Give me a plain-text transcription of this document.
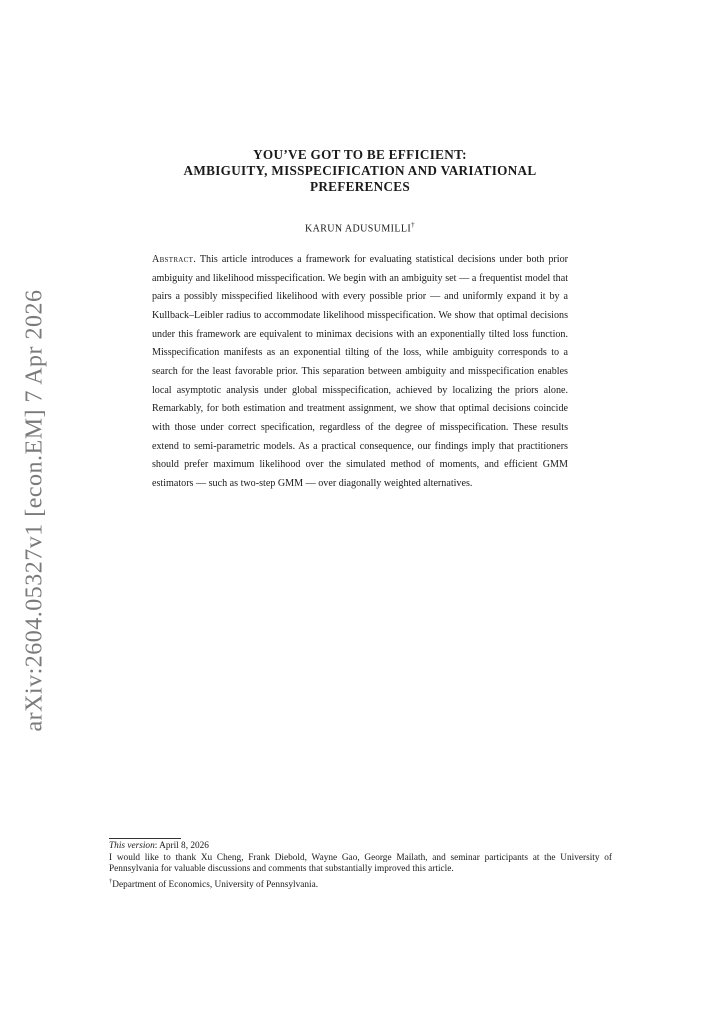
arXiv:2604.05327v1 [econ.EM] 7 Apr 2026
YOU’VE GOT TO BE EFFICIENT:
AMBIGUITY, MISSPECIFICATION AND VARIATIONAL
PREFERENCES
KARUN ADUSUMILLI†
Abstract. This article introduces a framework for evaluating statistical decisions under both prior ambiguity and likelihood misspecification. We begin with an ambiguity set — a frequentist model that pairs a possibly misspecified likelihood with every possible prior — and uniformly expand it by a Kullback–Leibler radius to accommodate likelihood misspecification. We show that optimal decisions under this framework are equivalent to minimax decisions with an exponentially tilted loss function. Misspecification manifests as an exponential tilting of the loss, while ambiguity corresponds to a search for the least favorable prior. This separation between ambiguity and misspecification enables local asymptotic analysis under global misspecification, achieved by localizing the priors alone. Remarkably, for both estimation and treatment assignment, we show that optimal decisions coincide with those under correct specification, regardless of the degree of misspecification. These results extend to semi-parametric models. As a practical consequence, our findings imply that practitioners should prefer maximum likelihood over the simulated method of moments, and efficient GMM estimators — such as two-step GMM — over diagonally weighted alternatives.

This version: April 8, 2026

I would like to thank Xu Cheng, Frank Diebold, Wayne Gao, George Mailath, and seminar participants at the University of Pennsylvania for valuable discussions and comments that substantially improved this article.

†Department of Economics, University of Pennsylvania.
